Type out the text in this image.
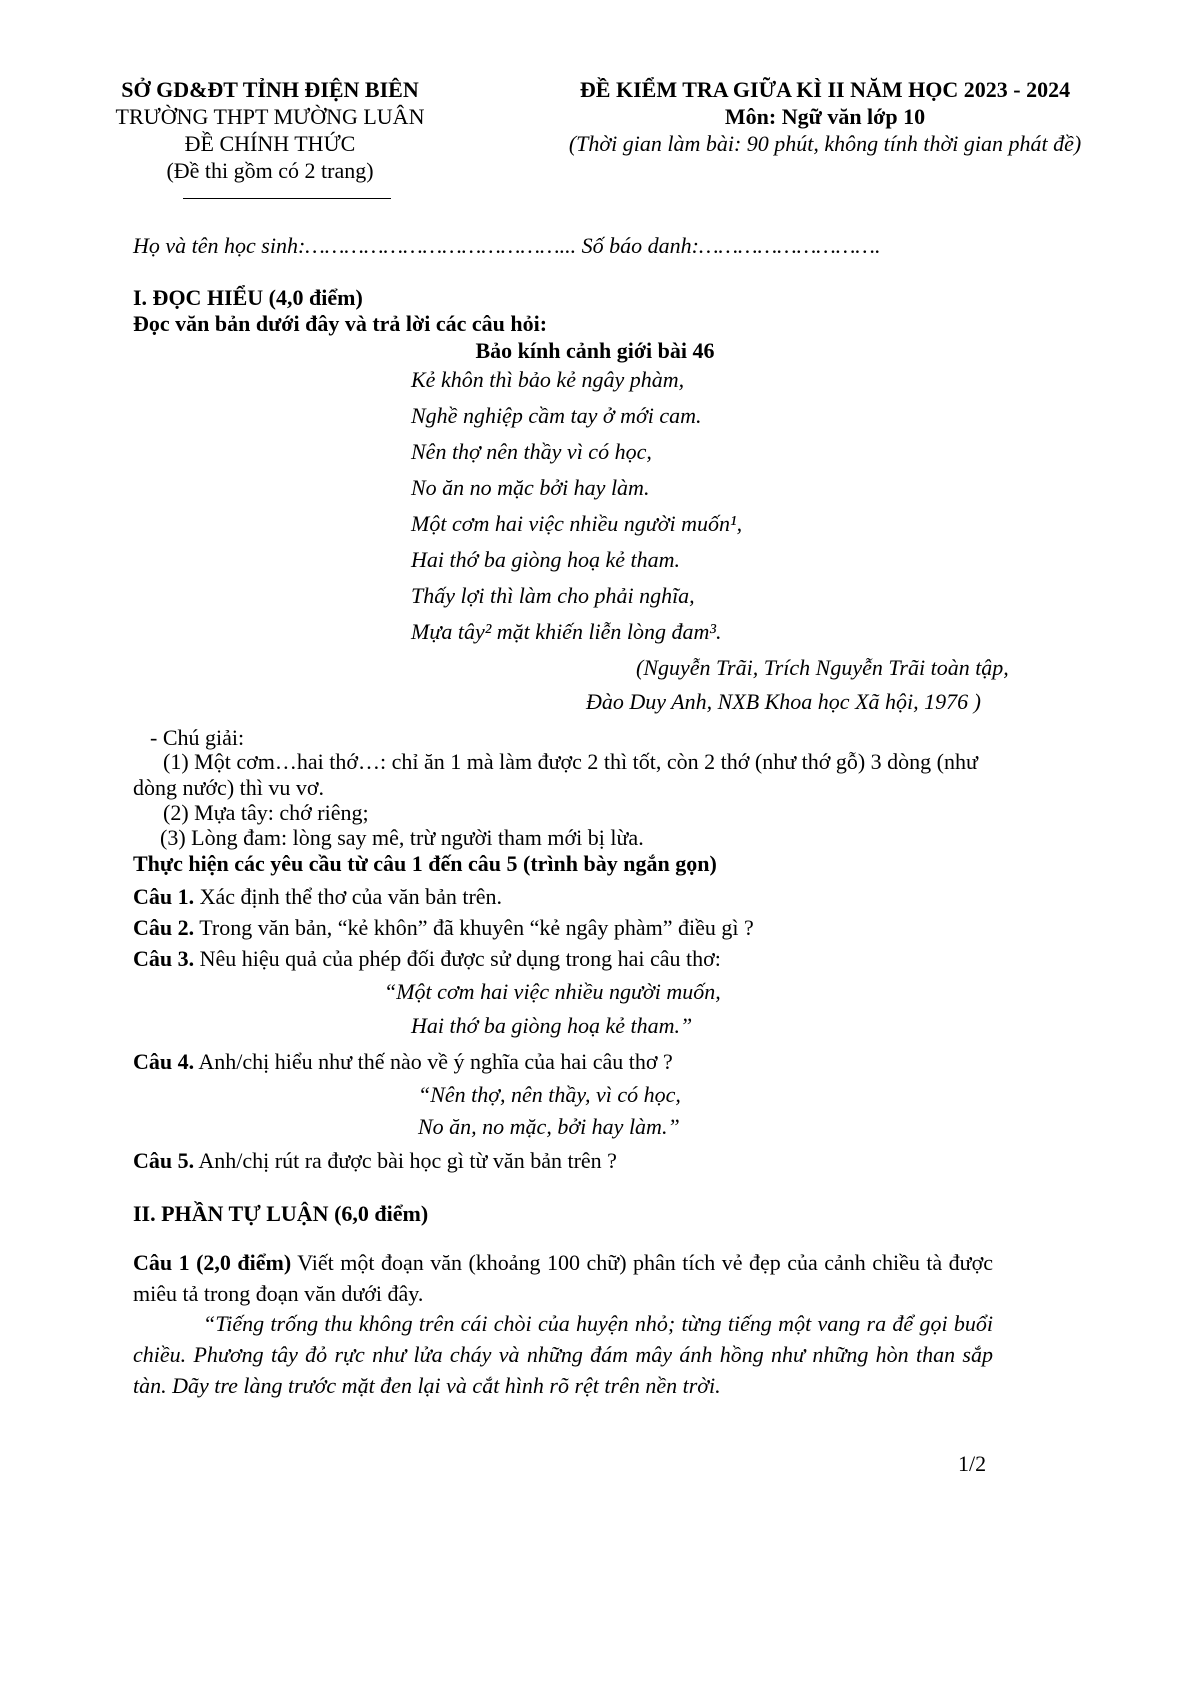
SỞ GD&ĐT TỈNH ĐIỆN BIÊN
TRƯỜNG THPT MƯỜNG LUÂN
ĐỀ CHÍNH THỨC
(Đề thi gồm có 2 trang)
ĐỀ KIỂM TRA GIỮA KÌ II NĂM HỌC 2023 - 2024
Môn: Ngữ văn lớp 10
(Thời gian làm bài: 90 phút, không tính thời gian phát đề)
Họ và tên học sinh:…………………………………... Số báo danh:……………………….
I. ĐỌC HIỂU (4,0 điểm)
Đọc văn bản dưới đây và trả lời các câu hỏi:
Bảo kính cảnh giới bài 46
Kẻ khôn thì bảo kẻ ngây phàm,
Nghề nghiệp cầm tay ở mới cam.
Nên thợ nên thầy vì có học,
No ăn no mặc bởi hay làm.
Một cơm hai việc nhiều người muốn¹,
Hai thớ ba giòng hoạ kẻ tham.
Thấy lợi thì làm cho phải nghĩa,
Mựa tây² mặt khiến liễn lòng đam³.
(Nguyễn Trãi, Trích Nguyễn Trãi toàn tập,
Đào Duy Anh, NXB Khoa học Xã hội, 1976 )
- Chú giải:
(1) Một cơm…hai thớ…: chỉ ăn 1 mà làm được 2 thì tốt, còn 2 thớ (như thớ gỗ) 3 dòng (như
dòng nước) thì vu vơ.
(2) Mựa tây: chớ riêng;
(3) Lòng đam: lòng say mê, trừ người tham mới bị lừa.
Thực hiện các yêu cầu từ câu 1 đến câu 5 (trình bày ngắn gọn)
Câu 1. Xác định thể thơ của văn bản trên.
Câu 2. Trong văn bản, “kẻ khôn” đã khuyên “kẻ ngây phàm” điều gì ?
Câu 3. Nêu hiệu quả của phép đối được sử dụng trong hai câu thơ:
“Một cơm hai việc nhiều người muốn,
Hai thớ ba giòng hoạ kẻ tham.”
Câu 4. Anh/chị hiểu như thế nào về ý nghĩa của hai câu thơ ?
“Nên thợ, nên thầy, vì có học,
No ăn, no mặc, bởi hay làm.”
Câu 5. Anh/chị rút ra được bài học gì từ văn bản trên ?
II. PHẦN TỰ LUẬN (6,0 điểm)
Câu 1 (2,0 điểm) Viết một đoạn văn (khoảng 100 chữ) phân tích vẻ đẹp của cảnh chiều tà được miêu tả trong đoạn văn dưới đây.
“Tiếng trống thu không trên cái chòi của huyện nhỏ; từng tiếng một vang ra để gọi buổi chiều. Phương tây đỏ rực như lửa cháy và những đám mây ánh hồng như những hòn than sắp tàn. Dãy tre làng trước mặt đen lại và cắt hình rõ rệt trên nền trời.
1/2
